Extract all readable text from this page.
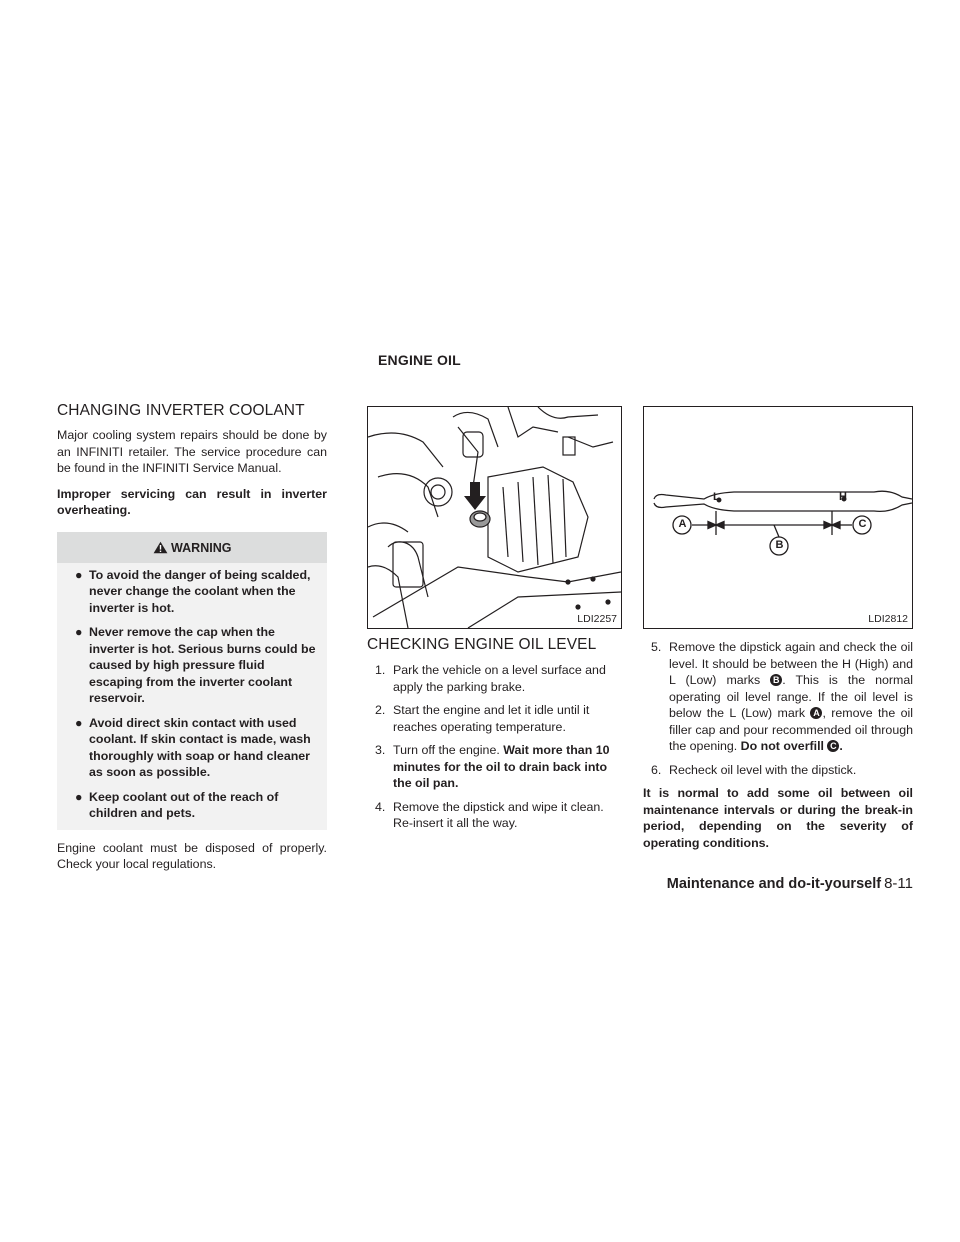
ENGINE OIL
CHANGING INVERTER COOLANT

Major cooling system repairs should be done by an INFINITI retailer. The service procedure can be found in the INFINITI Service Manual.

Improper servicing can result in inverter overheating.

WARNING
● To avoid the danger of being scalded, never change the coolant when the inverter is hot.
● Never remove the cap when the inverter is hot. Serious burns could be caused by high pressure fluid escaping from the inverter coolant reservoir.
● Avoid direct skin contact with used coolant. If skin contact is made, wash thoroughly with soap or hand cleaner as soon as possible.
● Keep coolant out of the reach of children and pets.

Engine coolant must be disposed of properly. Check your local regulations.

LDI2257
L	H
A
B
C
LDI2812
CHECKING ENGINE OIL LEVEL
1. Park the vehicle on a level surface and apply the parking brake.
2. Start the engine and let it idle until it reaches operating temperature.
3. Turn off the engine. Wait more than 10 minutes for the oil to drain back into the oil pan.
4. Remove the dipstick and wipe it clean. Re-insert it all the way.
5. Remove the dipstick again and check the oil level. It should be between the H (High) and L (Low) marks B . This is the normal operating oil level range. If the oil level is below the L (Low) mark A , remove the oil filler cap and pour recommended oil through the opening. Do not overfill C .
6. Recheck oil level with the dipstick.

It is normal to add some oil between oil maintenance intervals or during the break-in period, depending on the severity of operating conditions.

Maintenance and do-it-yourself 8-11
